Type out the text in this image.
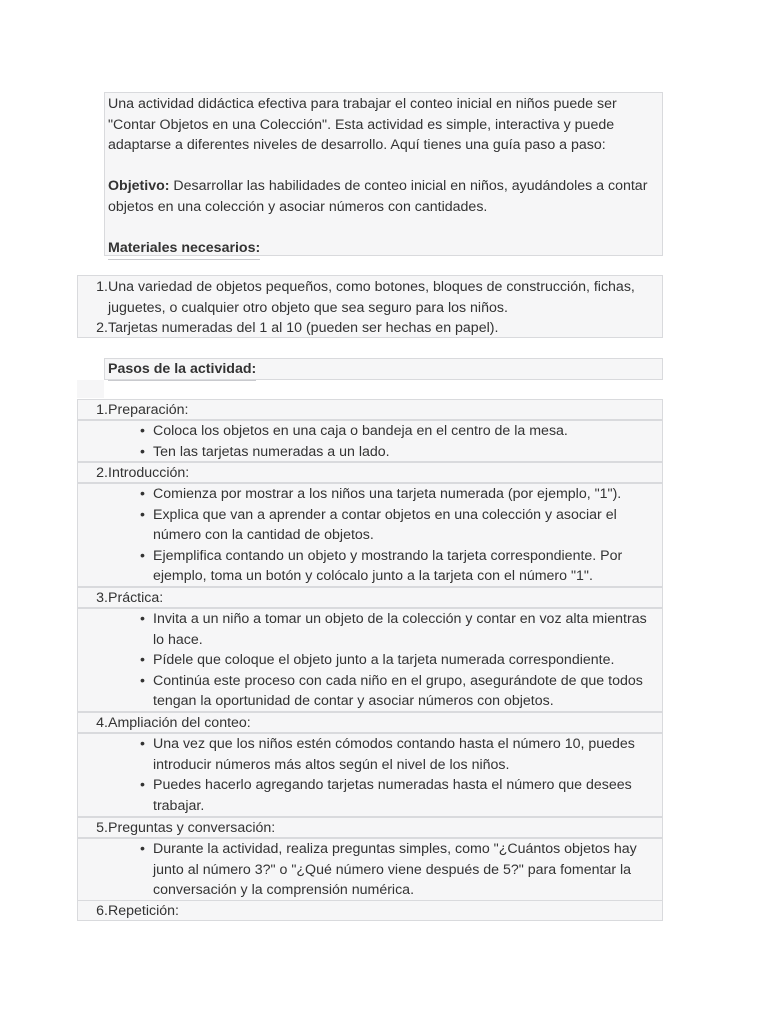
Una actividad didáctica efectiva para trabajar el conteo inicial en niños puede ser "Contar Objetos en una Colección". Esta actividad es simple, interactiva y puede adaptarse a diferentes niveles de desarrollo. Aquí tienes una guía paso a paso:

Objetivo: Desarrollar las habilidades de conteo inicial en niños, ayudándoles a contar objetos en una colección y asociar números con cantidades.

Materiales necesarios:

1. Una variedad de objetos pequeños, como botones, bloques de construcción, fichas, juguetes, o cualquier otro objeto que sea seguro para los niños.
2. Tarjetas numeradas del 1 al 10 (pueden ser hechas en papel).
Pasos de la actividad:
1. Preparación:
• Coloca los objetos en una caja o bandeja en el centro de la mesa.
• Ten las tarjetas numeradas a un lado.
2. Introducción:
• Comienza por mostrar a los niños una tarjeta numerada (por ejemplo, "1").
• Explica que van a aprender a contar objetos en una colección y asociar el número con la cantidad de objetos.
• Ejemplifica contando un objeto y mostrando la tarjeta correspondiente. Por ejemplo, toma un botón y colócalo junto a la tarjeta con el número "1".
3. Práctica:
• Invita a un niño a tomar un objeto de la colección y contar en voz alta mientras lo hace.
• Pídele que coloque el objeto junto a la tarjeta numerada correspondiente.
• Continúa este proceso con cada niño en el grupo, asegurándote de que todos tengan la oportunidad de contar y asociar números con objetos.
4. Ampliación del conteo:
• Una vez que los niños estén cómodos contando hasta el número 10, puedes introducir números más altos según el nivel de los niños.
• Puedes hacerlo agregando tarjetas numeradas hasta el número que desees trabajar.
5. Preguntas y conversación:
• Durante la actividad, realiza preguntas simples, como "¿Cuántos objetos hay junto al número 3?" o "¿Qué número viene después de 5?" para fomentar la conversación y la comprensión numérica.
6. Repetición:
